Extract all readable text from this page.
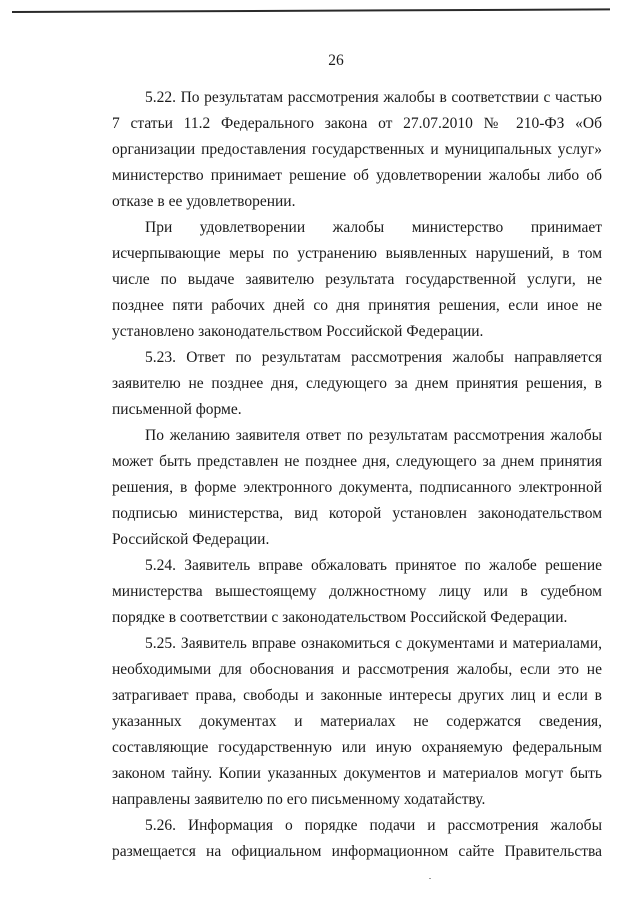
26

5.22. По результатам рассмотрения жалобы в соответствии с частью 7 статьи 11.2 Федерального закона от 27.07.2010 № 210-ФЗ «Об организации предоставления государственных и муниципальных услуг» министерство принимает решение об удовлетворении жалобы либо об отказе в ее удовлетворении.

При удовлетворении жалобы министерство принимает исчерпывающие меры по устранению выявленных нарушений, в том числе по выдаче заявителю результата государственной услуги, не позднее пяти рабочих дней со дня принятия решения, если иное не установлено законодательством Российской Федерации.

5.23. Ответ по результатам рассмотрения жалобы направляется заявителю не позднее дня, следующего за днем принятия решения, в письменной форме.

По желанию заявителя ответ по результатам рассмотрения жалобы может быть представлен не позднее дня, следующего за днем принятия решения, в форме электронного документа, подписанного электронной подписью министерства, вид которой установлен законодательством Российской Федерации.

5.24. Заявитель вправе обжаловать принятое по жалобе решение министерства вышестоящему должностному лицу или в судебном порядке в соответствии с законодательством Российской Федерации.

5.25. Заявитель вправе ознакомиться с документами и материалами, необходимыми для обоснования и рассмотрения жалобы, если это не затрагивает права, свободы и законные интересы других лиц и если в указанных документах и материалах не содержатся сведения, составляющие государственную или иную охраняемую федеральным законом тайну. Копии указанных документов и материалов могут быть направлены заявителю по его письменному ходатайству.

5.26. Информация о порядке подачи и рассмотрения жалобы размещается на официальном информационном сайте Правительства
